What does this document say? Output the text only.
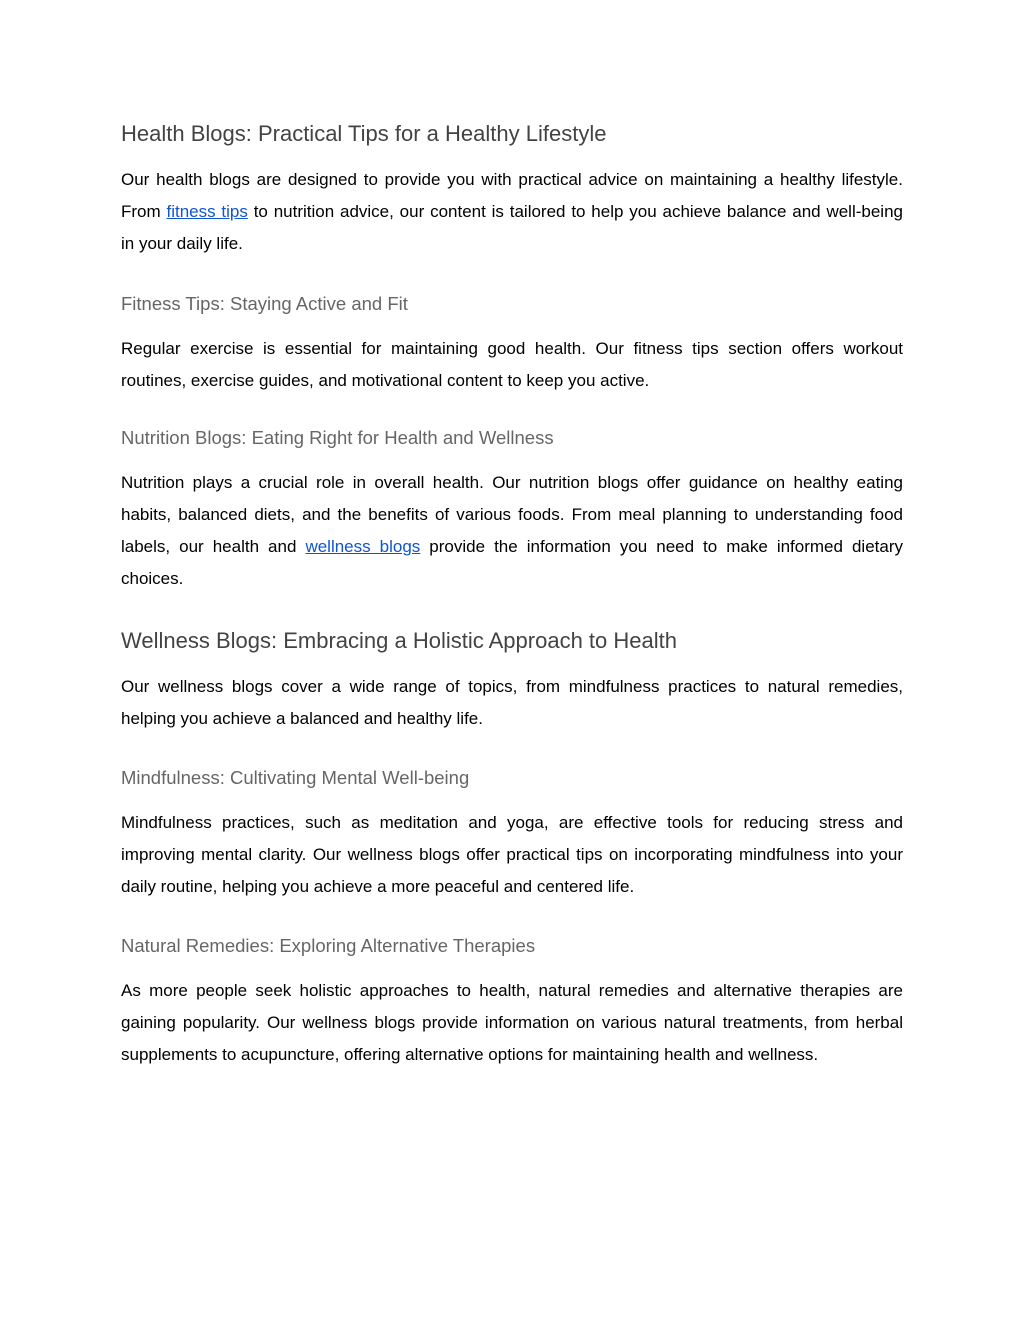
Health Blogs: Practical Tips for a Healthy Lifestyle

Our health blogs are designed to provide you with practical advice on maintaining a healthy lifestyle. From fitness tips to nutrition advice, our content is tailored to help you achieve balance and well-being in your daily life.

Fitness Tips: Staying Active and Fit

Regular exercise is essential for maintaining good health. Our fitness tips section offers workout routines, exercise guides, and motivational content to keep you active.

Nutrition Blogs: Eating Right for Health and Wellness

Nutrition plays a crucial role in overall health. Our nutrition blogs offer guidance on healthy eating habits, balanced diets, and the benefits of various foods. From meal planning to understanding food labels, our health and wellness blogs provide the information you need to make informed dietary choices.

Wellness Blogs: Embracing a Holistic Approach to Health

Our wellness blogs cover a wide range of topics, from mindfulness practices to natural remedies, helping you achieve a balanced and healthy life.

Mindfulness: Cultivating Mental Well-being

Mindfulness practices, such as meditation and yoga, are effective tools for reducing stress and improving mental clarity. Our wellness blogs offer practical tips on incorporating mindfulness into your daily routine, helping you achieve a more peaceful and centered life.

Natural Remedies: Exploring Alternative Therapies

As more people seek holistic approaches to health, natural remedies and alternative therapies are gaining popularity. Our wellness blogs provide information on various natural treatments, from herbal supplements to acupuncture, offering alternative options for maintaining health and wellness.
